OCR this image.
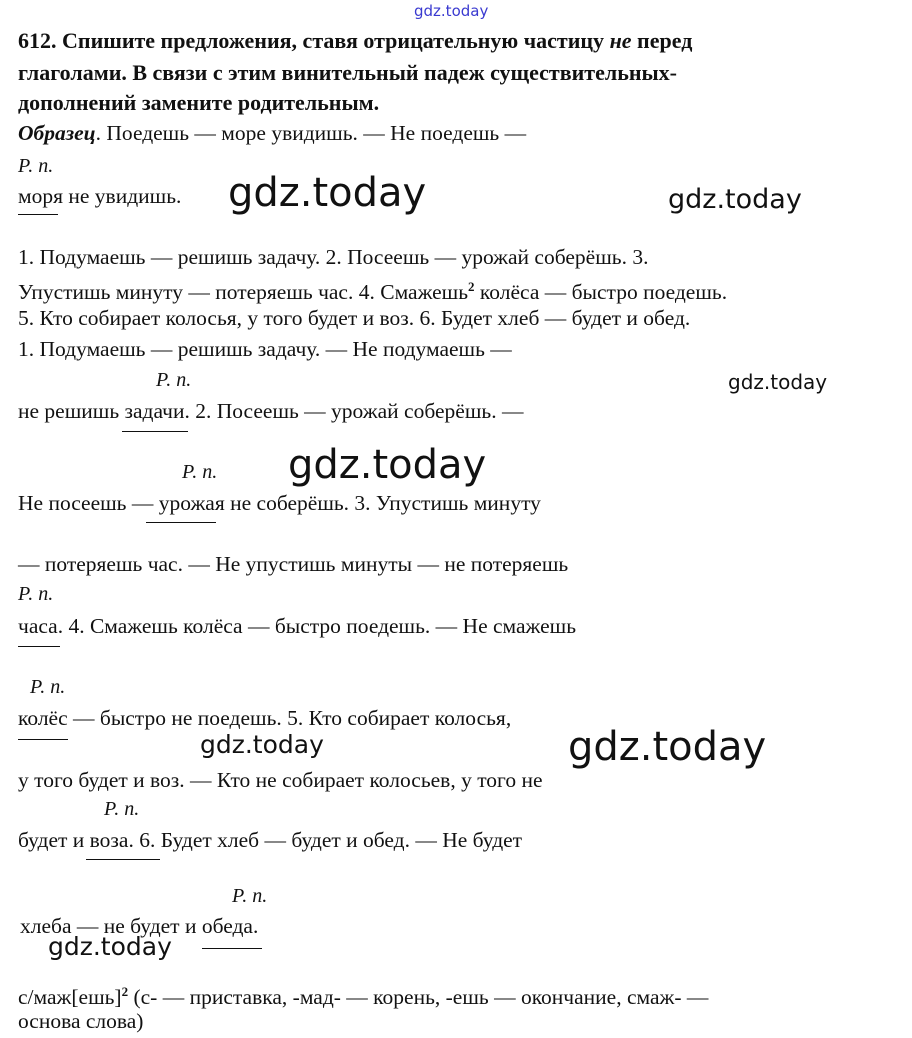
gdz.today
gdz.today	gdz.today
gdz.today
gdz.today
gdz.today	gdz.today
gdz.today
612. Спишите предложения, ставя отрицательную частицу не перед
глаголами. В связи с этим винительный падеж существительных-
дополнений замените родительным.
Образец. Поедешь — море увидишь. — Не поедешь —
Р. п.
моря не увидишь.
1. Подумаешь — решишь задачу. 2. Посеешь — урожай соберёшь. 3.
Упустишь минуту — потеряешь час. 4. Смажешь$^2$ колёса — быстро поедешь.
5. Кто собирает колосья, у того будет и воз. 6. Будет хлеб — будет и обед.
1. Подумаешь — решишь задачу. — Не подумаешь —
Р. п.
не решишь задачи. 2. Посеешь — урожай соберёшь. —
Р. п.
Не посеешь — урожая не соберёшь. 3. Упустишь минуту
— потеряешь час. — Не упустишь минуты — не потеряешь
Р. п.
часа. 4. Смажешь колёса — быстро поедешь. — Не смажешь
Р. п.
колёс — быстро не поедешь. 5. Кто собирает колосья,
у того будет и воз. — Кто не собирает колосьев, у того не
Р. п.
будет и воза. 6. Будет хлеб — будет и обед. — Не будет
Р. п.
хлеба — не будет и обеда.
с/маж[ешь]$^2$ (с- — приставка, -мад- — корень, -ешь — окончание, смаж- —
основа слова)
